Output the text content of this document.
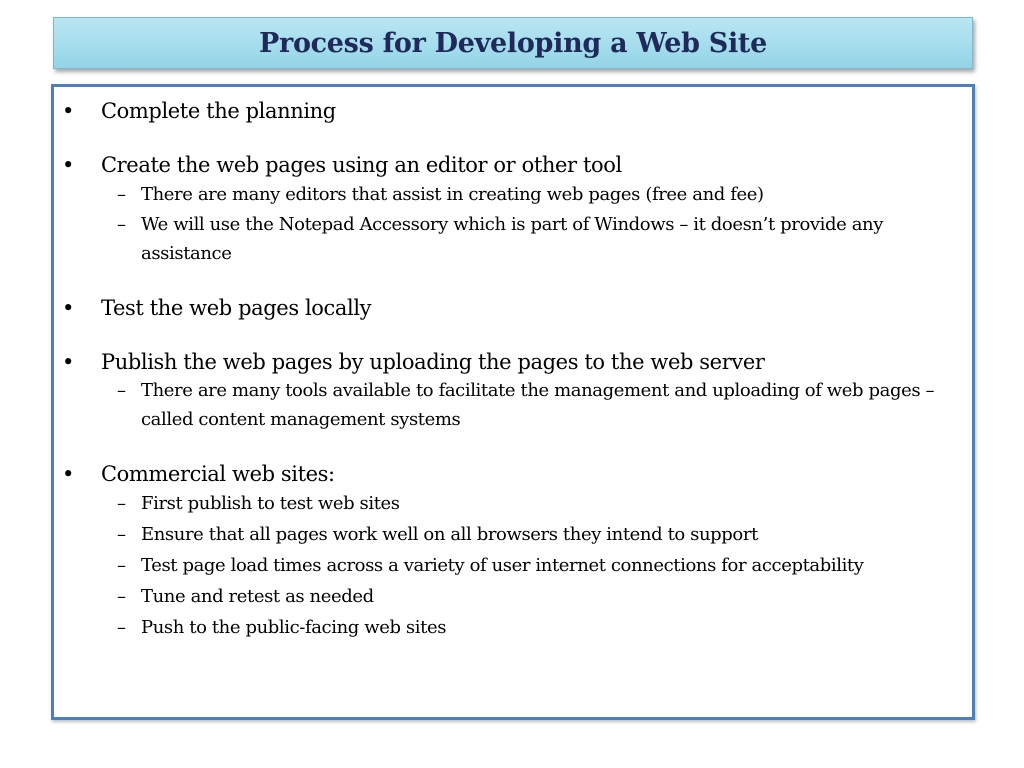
Process for Developing a Web Site
• Complete the planning
• Create the web pages using an editor or other tool
– There are many editors that assist in creating web pages (free and fee)
– We will use the Notepad Accessory which is part of Windows – it doesn’t provide any assistance
• Test the web pages locally
• Publish the web pages by uploading the pages to the web server
– There are many tools available to facilitate the management and uploading of web pages – called content management systems
• Commercial web sites:
– First publish to test web sites
– Ensure that all pages work well on all browsers they intend to support
– Test page load times across a variety of user internet connections for acceptability
– Tune and retest as needed
– Push to the public-facing web sites
